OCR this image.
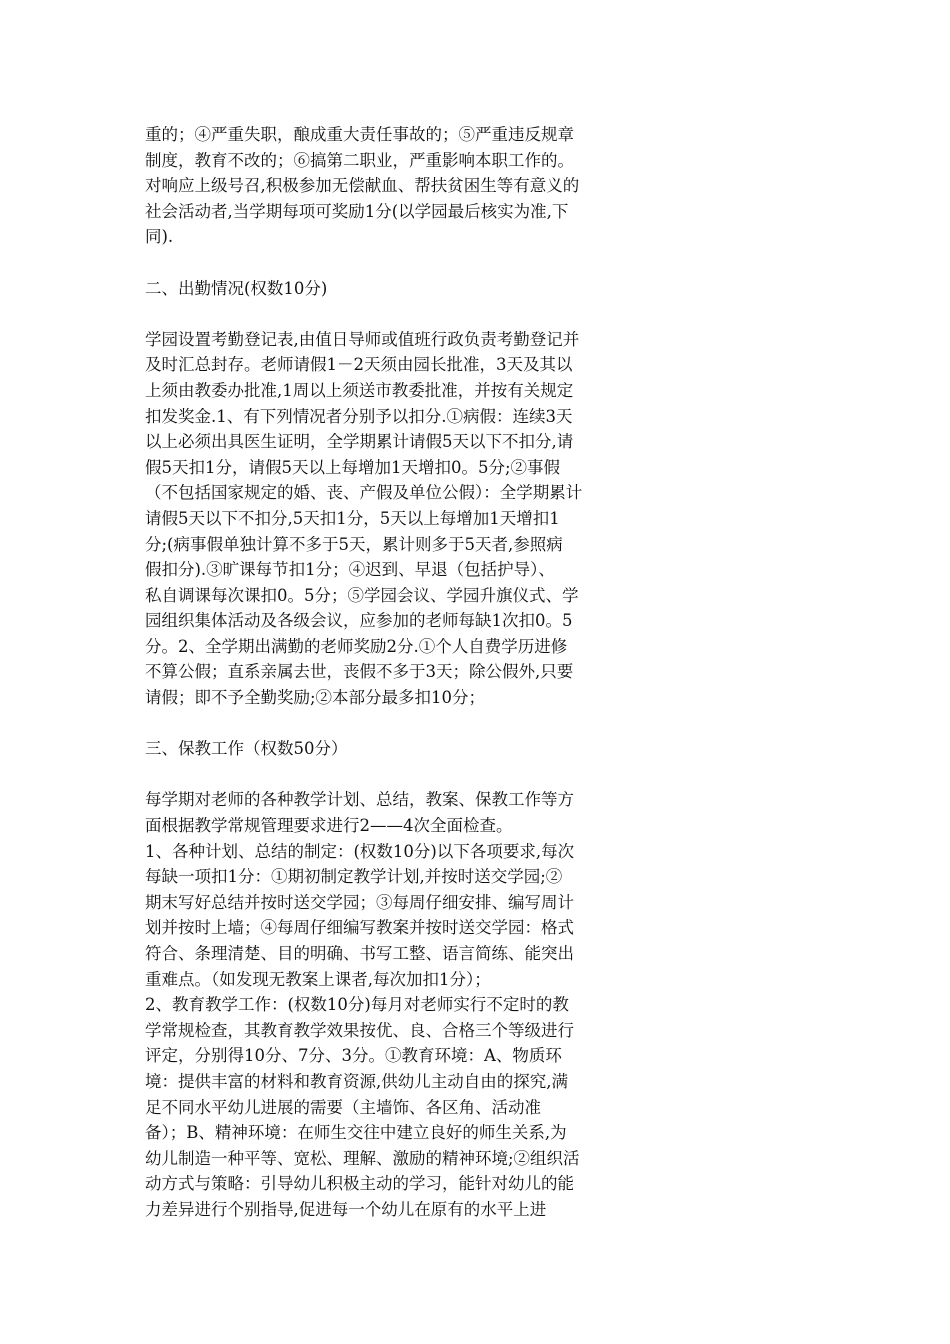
重的；④严重失职，酿成重大责任事故的；⑤严重违反规章
制度，教育不改的；⑥搞第二职业，严重影响本职工作的。
对响应上级号召,积极参加无偿献血、帮扶贫困生等有意义的
社会活动者,当学期每项可奖励1分(以学园最后核实为准,下
同).
二、出勤情况(权数10分)
学园设置考勤登记表,由值日导师或值班行政负责考勤登记并
及时汇总封存。老师请假1－2天须由园长批准，3天及其以
上须由教委办批准,1周以上须送市教委批准，并按有关规定
扣发奖金.1、有下列情况者分别予以扣分.①病假：连续3天
以上必须出具医生证明，全学期累计请假5天以下不扣分,请
假5天扣1分，请假5天以上每增加1天增扣0。5分;②事假
（不包括国家规定的婚、丧、产假及单位公假）：全学期累计
请假5天以下不扣分,5天扣1分，5天以上每增加1天增扣1
分;(病事假单独计算不多于5天，累计则多于5天者,参照病
假扣分).③旷课每节扣1分；④迟到、早退（包括护导）、
私自调课每次课扣0。5分；⑤学园会议、学园升旗仪式、学
园组织集体活动及各级会议，应参加的老师每缺1次扣0。5
分。2、全学期出满勤的老师奖励2分.①个人自费学历进修
不算公假；直系亲属去世，丧假不多于3天；除公假外,只要
请假；即不予全勤奖励;②本部分最多扣10分；
三、保教工作（权数50分）
每学期对老师的各种教学计划、总结，教案、保教工作等方
面根据教学常规管理要求进行2——4次全面检查。
1、各种计划、总结的制定：(权数10分)以下各项要求,每次
每缺一项扣1分：①期初制定教学计划,并按时送交学园;②
期末写好总结并按时送交学园；③每周仔细安排、编写周计
划并按时上墙；④每周仔细编写教案并按时送交学园：格式
符合、条理清楚、目的明确、书写工整、语言简练、能突出
重难点。（如发现无教案上课者,每次加扣1分）；
2、教育教学工作：(权数10分)每月对老师实行不定时的教
学常规检查，其教育教学效果按优、良、合格三个等级进行
评定，分别得10分、7分、3分。①教育环境：A、物质环
境：提供丰富的材料和教育资源,供幼儿主动自由的探究,满
足不同水平幼儿进展的需要（主墙饰、各区角、活动准
备）；B、精神环境：在师生交往中建立良好的师生关系,为
幼儿制造一种平等、宽松、理解、激励的精神环境;②组织活
动方式与策略：引导幼儿积极主动的学习，能针对幼儿的能
力差异进行个别指导,促进每一个幼儿在原有的水平上进
